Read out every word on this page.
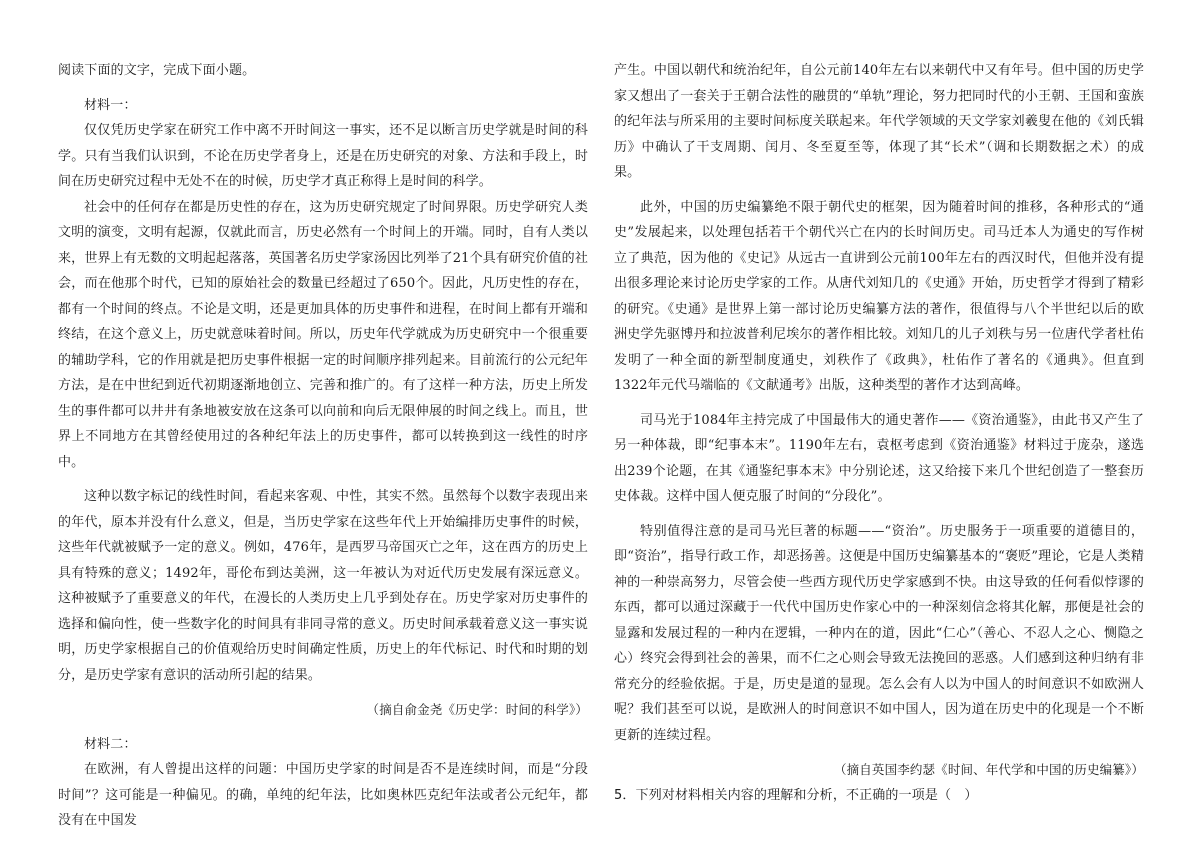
阅读下面的文字，完成下面小题。

材料一：

仅仅凭历史学家在研究工作中离不开时间这一事实，还不足以断言历史学就是时间的科学。只有当我们认识到，不论在历史学者身上，还是在历史研究的对象、方法和手段上，时间在历史研究过程中无处不在的时候，历史学才真正称得上是时间的科学。

社会中的任何存在都是历史性的存在，这为历史研究规定了时间界限。历史学研究人类文明的演变，文明有起源，仅就此而言，历史必然有一个时间上的开端。同时，自有人类以来，世界上有无数的文明起起落落，英国著名历史学家汤因比列举了21个具有研究价值的社会，而在他那个时代，已知的原始社会的数量已经超过了650个。因此，凡历史性的存在，都有一个时间的终点。不论是文明，还是更加具体的历史事件和进程，在时间上都有开端和终结，在这个意义上，历史就意味着时间。所以，历史年代学就成为历史研究中一个很重要的辅助学科，它的作用就是把历史事件根据一定的时间顺序排列起来。目前流行的公元纪年方法，是在中世纪到近代初期逐渐地创立、完善和推广的。有了这样一种方法，历史上所发生的事件都可以井井有条地被安放在这条可以向前和向后无限伸展的时间之线上。而且，世界上不同地方在其曾经使用过的各种纪年法上的历史事件，都可以转换到这一线性的时序中。

这种以数字标记的线性时间，看起来客观、中性，其实不然。虽然每个以数字表现出来的年代，原本并没有什么意义，但是，当历史学家在这些年代上开始编排历史事件的时候，这些年代就被赋予一定的意义。例如，476年，是西罗马帝国灭亡之年，这在西方的历史上具有特殊的意义；1492年，哥伦布到达美洲，这一年被认为对近代历史发展有深远意义。这种被赋予了重要意义的年代，在漫长的人类历史上几乎到处存在。历史学家对历史事件的选择和偏向性，使一些数字化的时间具有非同寻常的意义。历史时间承载着意义这一事实说明，历史学家根据自己的价值观给历史时间确定性质，历史上的年代标记、时代和时期的划分，是历史学家有意识的活动所引起的结果。

（摘自俞金尧《历史学：时间的科学》）

材料二：

在欧洲，有人曾提出这样的问题：中国历史学家的时间是否不是连续时间，而是“分段时间”？这可能是一种偏见。的确，单纯的纪年法，比如奥林匹克纪年法或者公元纪年，都没有在中国发

产生。中国以朝代和统治纪年，自公元前140年左右以来朝代中又有年号。但中国的历史学家又想出了一套关于王朝合法性的融贯的“单轨”理论，努力把同时代的小王朝、王国和蛮族的纪年法与所采用的主要时间标度关联起来。年代学领域的天文学家刘羲叟在他的《刘氏辑历》中确认了干支周期、闰月、冬至夏至等，体现了其“长术”（调和长期数据之术）的成果。

此外，中国的历史编纂绝不限于朝代史的框架，因为随着时间的推移，各种形式的“通史”发展起来，以处理包括若干个朝代兴亡在内的长时间历史。司马迁本人为通史的写作树立了典范，因为他的《史记》从远古一直讲到公元前100年左右的西汉时代，但他并没有提出很多理论来讨论历史学家的工作。从唐代刘知几的《史通》开始，历史哲学才得到了精彩的研究。《史通》是世界上第一部讨论历史编纂方法的著作，很值得与八个半世纪以后的欧洲史学先驱博丹和拉波普利尼埃尔的著作相比较。刘知几的儿子刘秩与另一位唐代学者杜佑发明了一种全面的新型制度通史，刘秩作了《政典》，杜佑作了著名的《通典》。但直到1322年元代马端临的《文献通考》出版，这种类型的著作才达到高峰。

司马光于1084年主持完成了中国最伟大的通史著作——《资治通鉴》，由此书又产生了另一种体裁，即“纪事本末”。1190年左右，袁枢考虑到《资治通鉴》材料过于庞杂，遂选出239个论题，在其《通鉴纪事本末》中分别论述，这又给接下来几个世纪创造了一整套历史体裁。这样中国人便克服了时间的“分段化”。

特别值得注意的是司马光巨著的标题——“资治”。历史服务于一项重要的道德目的，即“资治”，指导行政工作，却恶扬善。这便是中国历史编纂基本的“褒贬”理论，它是人类精神的一种崇高努力，尽管会使一些西方现代历史学家感到不快。由这导致的任何看似悖谬的东西，都可以通过深藏于一代代中国历史作家心中的一种深刻信念将其化解，那便是社会的显露和发展过程的一种内在逻辑，一种内在的道，因此“仁心”（善心、不忍人之心、恻隐之心）终究会得到社会的善果，而不仁之心则会导致无法挽回的恶惑。人们感到这种归纳有非常充分的经验依据。于是，历史是道的显现。怎么会有人以为中国人的时间意识不如欧洲人呢？我们甚至可以说，是欧洲人的时间意识不如中国人，因为道在历史中的化现是一个不断更新的连续过程。

（摘自英国李约瑟《时间、年代学和中国的历史编纂》）

5．下列对材料相关内容的理解和分析，不正确的一项是（　）
